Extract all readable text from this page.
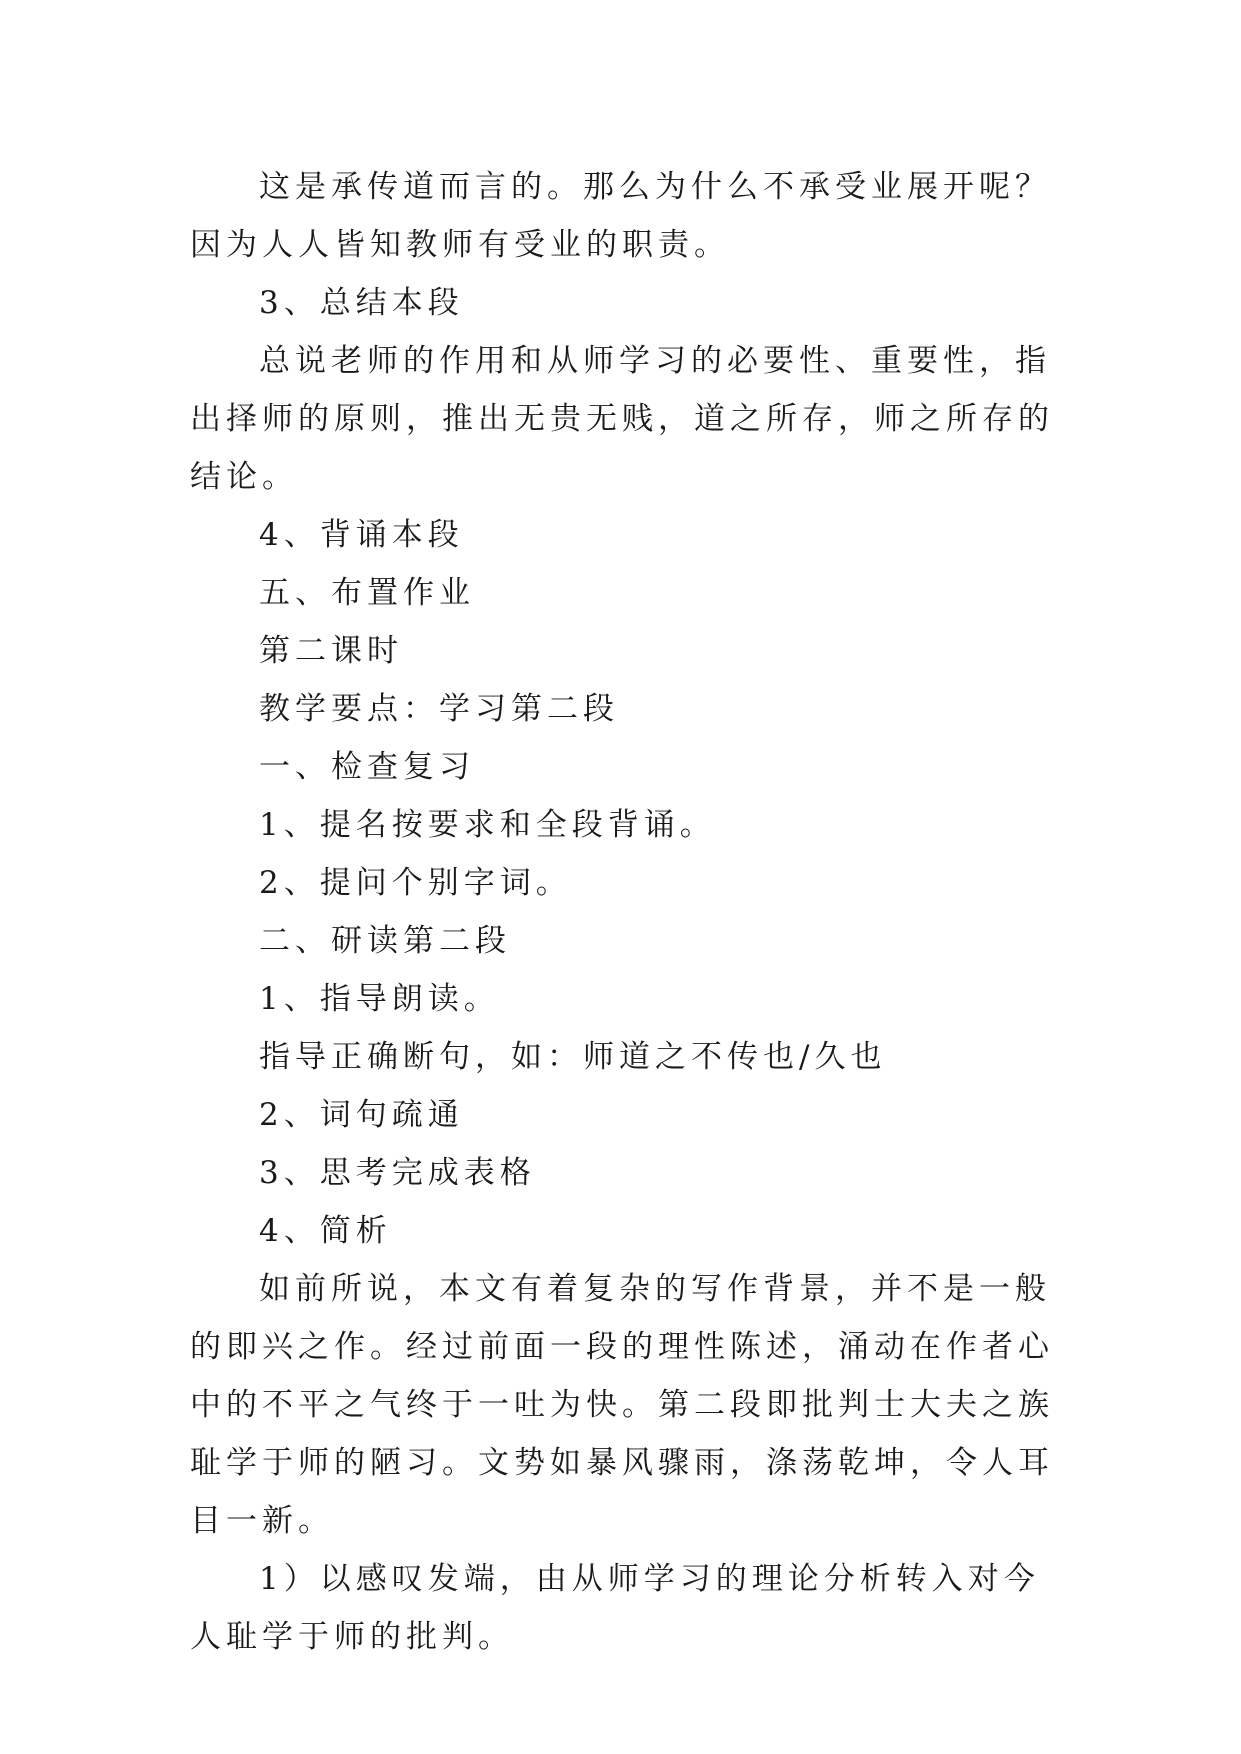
这是承传道而言的。那么为什么不承受业展开呢？因为人人皆知教师有受业的职责。

3、总结本段

总说老师的作用和从师学习的必要性、重要性，指出择师的原则，推出无贵无贱，道之所存，师之所存的结论。

4、背诵本段

五、布置作业

第二课时

教学要点：学习第二段

一、检查复习

1、提名按要求和全段背诵。

2、提问个别字词。

二、研读第二段

1、指导朗读。

指导正确断句，如：师道之不传也/久也

2、词句疏通

3、思考完成表格

4、简析

如前所说，本文有着复杂的写作背景，并不是一般的即兴之作。经过前面一段的理性陈述，涌动在作者心中的不平之气终于一吐为快。第二段即批判士大夫之族耻学于师的陋习。文势如暴风骤雨，涤荡乾坤，令人耳目一新。

1）以感叹发端，由从师学习的理论分析转入对今人耻学于师的批判。
